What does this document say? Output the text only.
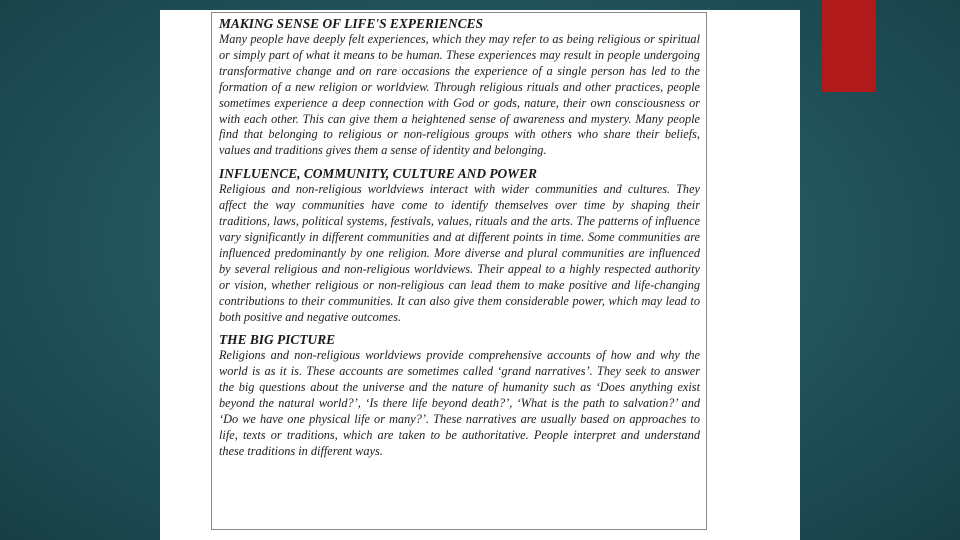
MAKING SENSE OF LIFE'S EXPERIENCES

Many people have deeply felt experiences, which they may refer to as being religious or spiritual or simply part of what it means to be human. These experiences may result in people undergoing transformative change and on rare occasions the experience of a single person has led to the formation of a new religion or worldview. Through religious rituals and other practices, people sometimes experience a deep connection with God or gods, nature, their own consciousness or with each other. This can give them a heightened sense of awareness and mystery. Many people find that belonging to religious or non-religious groups with others who share their beliefs, values and traditions gives them a sense of identity and belonging.

INFLUENCE, COMMUNITY, CULTURE AND POWER

Religious and non-religious worldviews interact with wider communities and cultures. They affect the way communities have come to identify themselves over time by shaping their traditions, laws, political systems, festivals, values, rituals and the arts. The patterns of influence vary significantly in different communities and at different points in time. Some communities are influenced predominantly by one religion. More diverse and plural communities are influenced by several religious and non-religious worldviews. Their appeal to a highly respected authority or vision, whether religious or non-religious can lead them to make positive and life-changing contributions to their communities. It can also give them considerable power, which may lead to both positive and negative outcomes.

THE BIG PICTURE

Religions and non-religious worldviews provide comprehensive accounts of how and why the world is as it is. These accounts are sometimes called ‘grand narratives’. They seek to answer the big questions about the universe and the nature of humanity such as ‘Does anything exist beyond the natural world?’, ‘Is there life beyond death?’, ‘What is the path to salvation?’ and ‘Do we have one physical life or many?’. These narratives are usually based on approaches to life, texts or traditions, which are taken to be authoritative. People interpret and understand these traditions in different ways.
